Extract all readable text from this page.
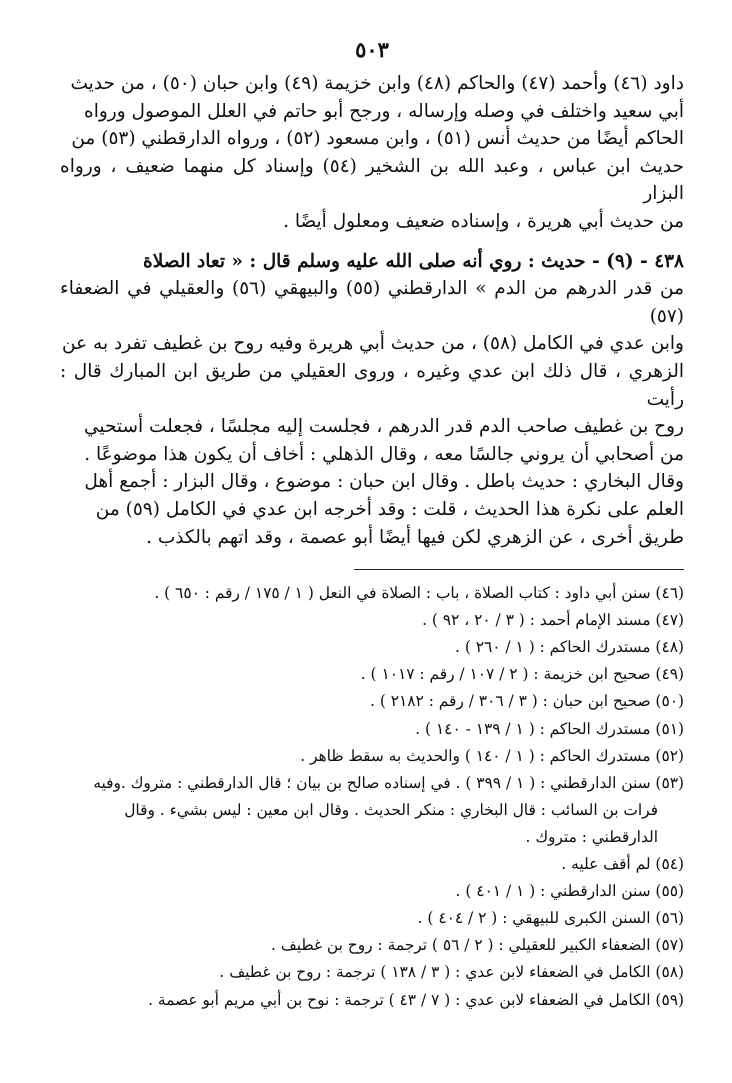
٥٠٣

داود (٤٦) وأحمد (٤٧) والحاكم (٤٨) وابن خزيمة (٤٩) وابن حبان (٥٠) ، من حديث

أبي سعيد واختلف في وصله وإرساله ، ورجح أبو حاتم في العلل الموصول ورواه

الحاكم أيضًا من حديث أنس (٥١) ، وابن مسعود (٥٢) ، ورواه الدارقطني (٥٣) من

حديث ابن عباس ، وعبد الله بن الشخير (٥٤) وإسناد كل منهما ضعيف ، ورواه البزار

من حديث أبي هريرة ، وإسناده ضعيف ومعلول أيضًا .

٤٣٨ - (٩) - حديث : روي أنه صلى الله عليه وسلم قال : « تعاد الصلاة

من قدر الدرهم من الدم » الدارقطني (٥٥) والبيهقي (٥٦) والعقيلي في الضعفاء (٥٧)

وابن عدي في الكامل (٥٨) ، من حديث أبي هريرة وفيه روح بن غطيف تفرد به عن

الزهري ، قال ذلك ابن عدي وغيره ، وروى العقيلي من طريق ابن المبارك قال : رأيت

روح بن غطيف صاحب الدم قدر الدرهم ، فجلست إليه مجلسًا ، فجعلت أستحيي

من أصحابي أن يروني جالسًا معه ، وقال الذهلي : أخاف أن يكون هذا موضوعًا .

وقال البخاري : حديث باطل . وقال ابن حبان : موضوع ، وقال البزار : أجمع أهل

العلم على نكرة هذا الحديث ، قلت : وقد أخرجه ابن عدي في الكامل (٥٩) من

طريق أخرى ، عن الزهري لكن فيها أيضًا أبو عصمة ، وقد اتهم بالكذب .

(٤٦) سنن أبي داود : كتاب الصلاة ، باب : الصلاة في النعل ( ١ / ١٧٥ / رقم : ٦٥٠ ) .

(٤٧) مسند الإمام أحمد : ( ٣ / ٢٠ ، ٩٢ ) .

(٤٨) مستدرك الحاكم : ( ١ / ٢٦٠ ) .

(٤٩) صحيح ابن خزيمة : ( ٢ / ١٠٧ / رقم : ١٠١٧ ) .

(٥٠) صحيح ابن حبان : ( ٣ / ٣٠٦ / رقم : ٢١٨٢ ) .

(٥١) مستدرك الحاكم : ( ١ / ١٣٩ - ١٤٠ ) .

(٥٢) مستدرك الحاكم : ( ١ / ١٤٠ ) والحديث به سقط ظاهر .

(٥٣) سنن الدارقطني : ( ١ / ٣٩٩ ) . في إسناده صالح بن بيان ؛ قال الدارقطني : متروك .وفيه

فرات بن السائب : قال البخاري : منكر الحديث . وقال ابن معين : ليس بشيء . وقال

الدارقطني : متروك .

(٥٤) لم أقف عليه .

(٥٥) سنن الدارقطني : ( ١ / ٤٠١ ) .

(٥٦) السنن الكبرى للبيهقي : ( ٢ / ٤٠٤ ) .

(٥٧) الضعفاء الكبير للعقيلي : ( ٢ / ٥٦ ) ترجمة : روح بن غطيف .

(٥٨) الكامل في الضعفاء لابن عدي : ( ٣ / ١٣٨ ) ترجمة : روح بن غطيف .

(٥٩) الكامل في الضعفاء لابن عدي : ( ٧ / ٤٣ ) ترجمة : نوح بن أبي مريم أبو عصمة .
